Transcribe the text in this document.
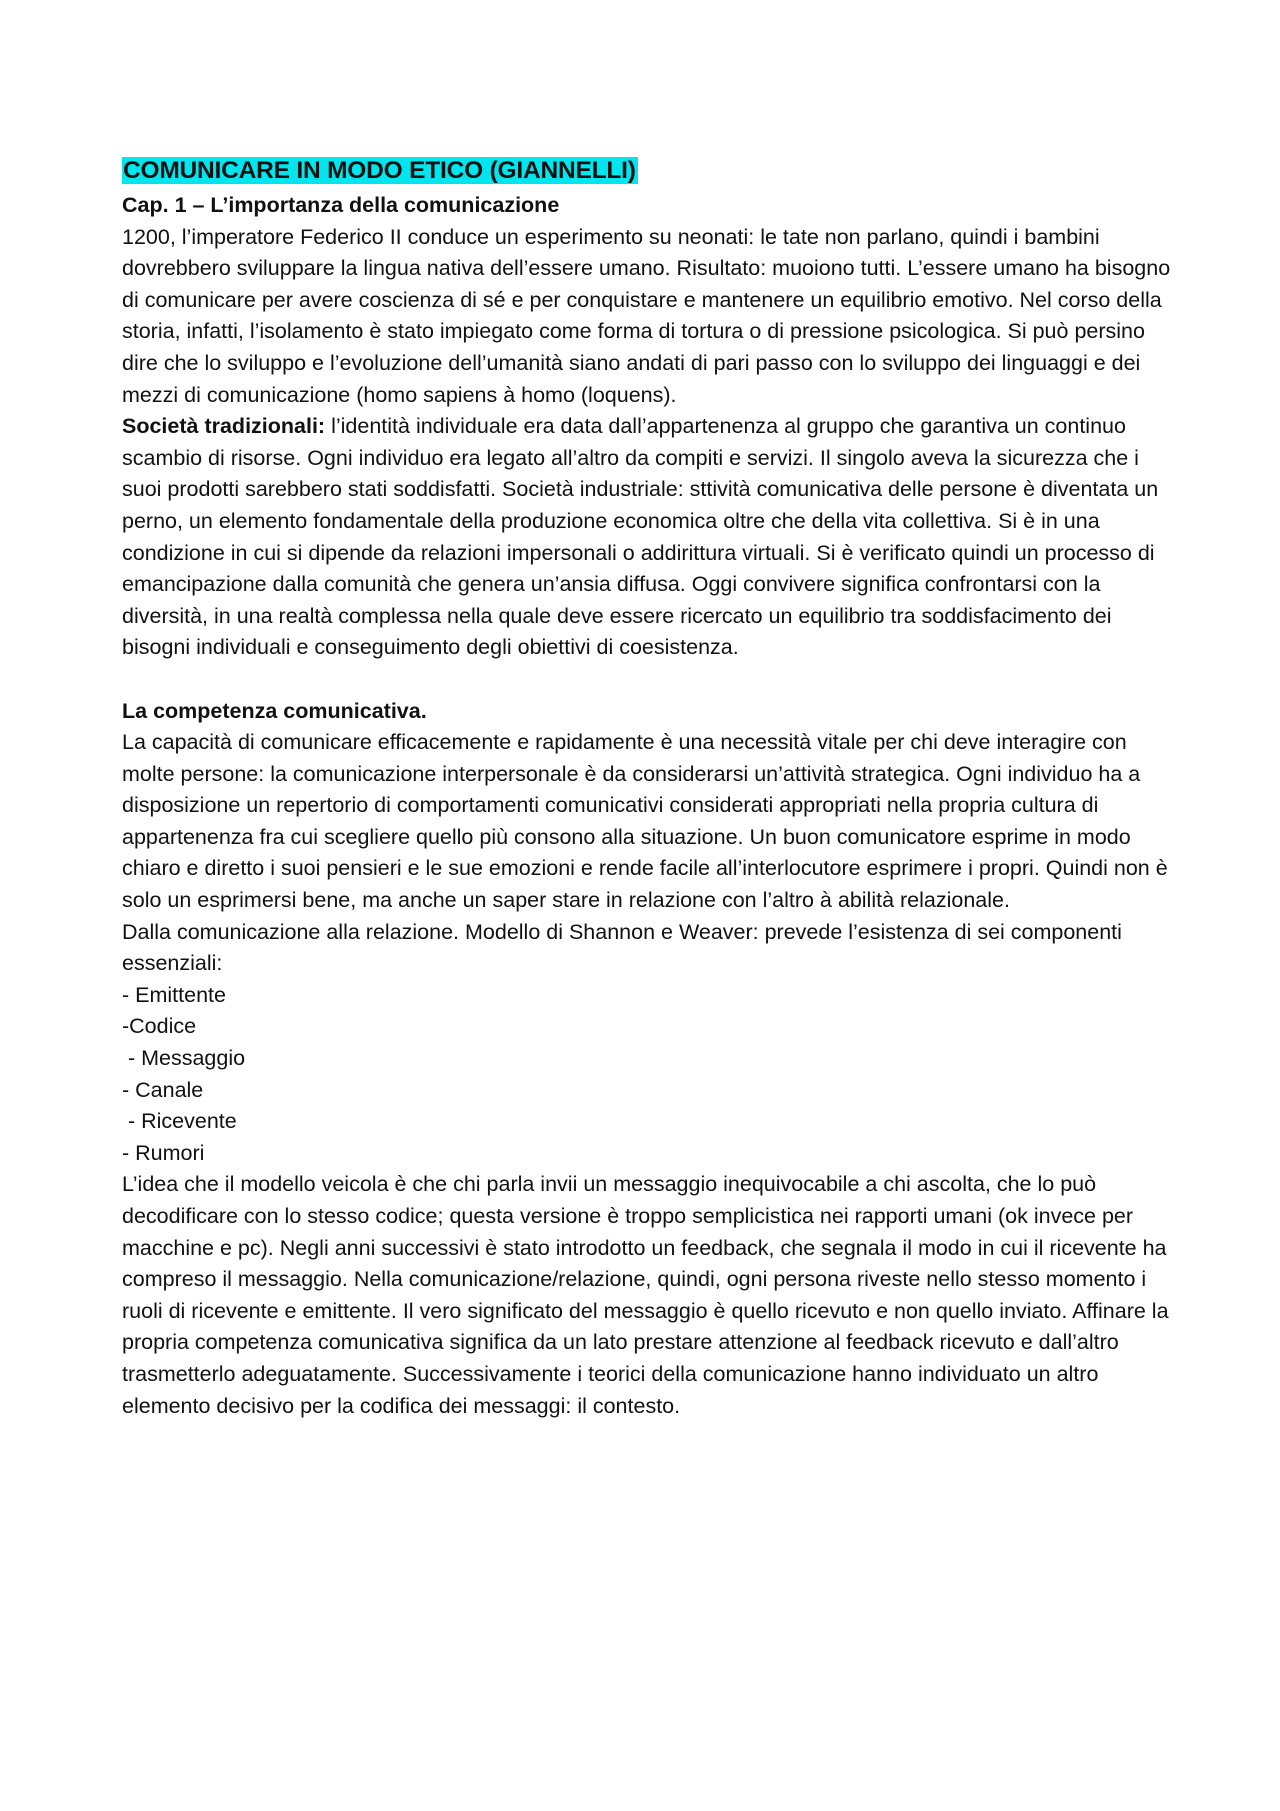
COMUNICARE IN MODO ETICO (GIANNELLI)

Cap. 1 – L’importanza della comunicazione

1200, l’imperatore Federico II conduce un esperimento su neonati: le tate non parlano, quindi i bambini dovrebbero sviluppare la lingua nativa dell’essere umano. Risultato: muoiono tutti. L’essere umano ha bisogno di comunicare per avere coscienza di sé e per conquistare e mantenere un equilibrio emotivo. Nel corso della storia, infatti, l’isolamento è stato impiegato come forma di tortura o di pressione psicologica. Si può persino dire che lo sviluppo e l’evoluzione dell’umanità siano andati di pari passo con lo sviluppo dei linguaggi e dei mezzi di comunicazione (homo sapiens à homo (loquens).

Società tradizionali: l’identità individuale era data dall’appartenenza al gruppo che garantiva un continuo scambio di risorse. Ogni individuo era legato all’altro da compiti e servizi. Il singolo aveva la sicurezza che i suoi prodotti sarebbero stati soddisfatti. Società industriale: sttività comunicativa delle persone è diventata un perno, un elemento fondamentale della produzione economica oltre che della vita collettiva. Si è in una condizione in cui si dipende da relazioni impersonali o addirittura virtuali. Si è verificato quindi un processo di emancipazione dalla comunità che genera un’ansia diffusa. Oggi convivere significa confrontarsi con la diversità, in una realtà complessa nella quale deve essere ricercato un equilibrio tra soddisfacimento dei bisogni individuali e conseguimento degli obiettivi di coesistenza.

La competenza comunicativa.

La capacità di comunicare efficacemente e rapidamente è una necessità vitale per chi deve interagire con molte persone: la comunicazione interpersonale è da considerarsi un’attività strategica. Ogni individuo ha a disposizione un repertorio di comportamenti comunicativi considerati appropriati nella propria cultura di appartenenza fra cui scegliere quello più consono alla situazione. Un buon comunicatore esprime in modo chiaro e diretto i suoi pensieri e le sue emozioni e rende facile all’interlocutore esprimere i propri. Quindi non è solo un esprimersi bene, ma anche un saper stare in relazione con l’altro à abilità relazionale.

Dalla comunicazione alla relazione. Modello di Shannon e Weaver: prevede l’esistenza di sei componenti essenziali:

- Emittente
-Codice
- Messaggio
- Canale
- Ricevente
- Rumori

L’idea che il modello veicola è che chi parla invii un messaggio inequivocabile a chi ascolta, che lo può decodificare con lo stesso codice; questa versione è troppo semplicistica nei rapporti umani (ok invece per macchine e pc). Negli anni successivi è stato introdotto un feedback, che segnala il modo in cui il ricevente ha compreso il messaggio. Nella comunicazione/relazione, quindi, ogni persona riveste nello stesso momento i ruoli di ricevente e emittente. Il vero significato del messaggio è quello ricevuto e non quello inviato. Affinare la propria competenza comunicativa significa da un lato prestare attenzione al feedback ricevuto e dall’altro trasmetterlo adeguatamente. Successivamente i teorici della comunicazione hanno individuato un altro elemento decisivo per la codifica dei messaggi: il contesto.
